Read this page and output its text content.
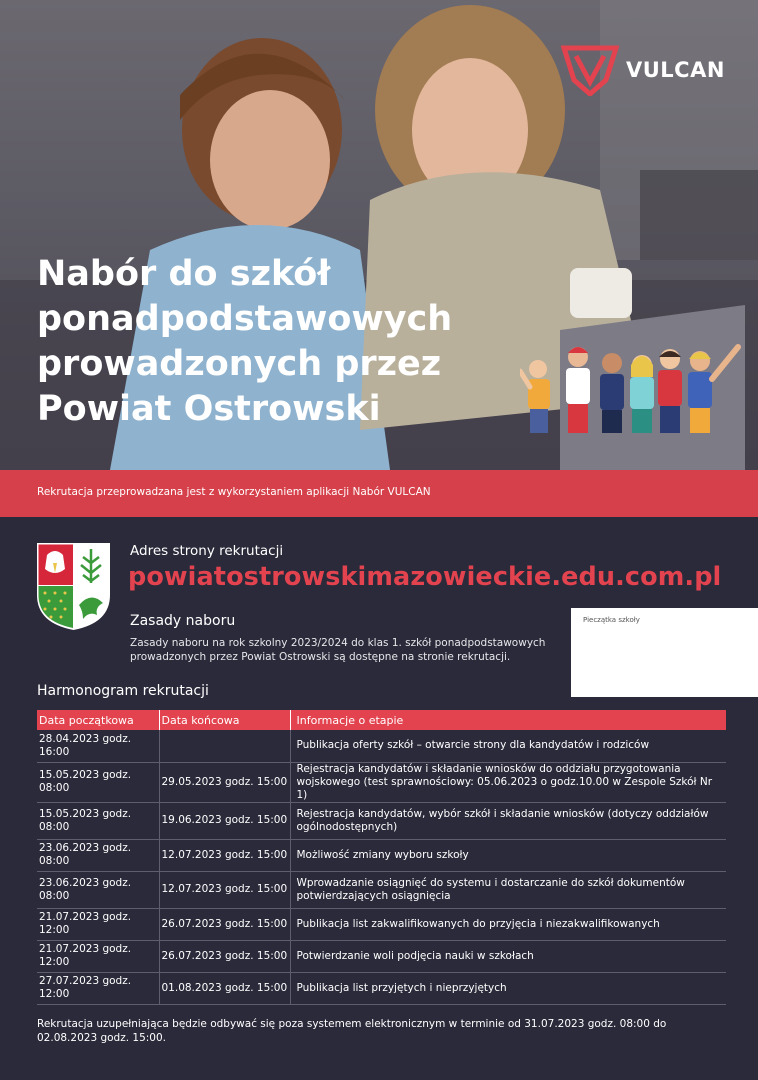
VULCAN
Nabór do szkół
ponadpodstawowych
prowadzonych przez
Powiat Ostrowski
Rekrutacja przeprowadzana jest z wykorzystaniem aplikacji Nabór VULCAN
Adres strony rekrutacji
powiatostrowskimazowieckie.edu.com.pl
Zasady naboru
Zasady naboru na rok szkolny 2023/2024 do klas 1. szkół ponadpodstawowych prowadzonych przez Powiat Ostrowski są dostępne na stronie rekrutacji.
Pieczątka szkoły
Harmonogram rekrutacji
Data początkowa	Data końcowa	Informacje o etapie
28.04.2023 godz. 16:00		Publikacja oferty szkół – otwarcie strony dla kandydatów i rodziców
15.05.2023 godz. 08:00	29.05.2023 godz. 15:00	Rejestracja kandydatów i składanie wniosków do oddziału przygotowania wojskowego (test sprawnościowy: 05.06.2023 o godz.10.00 w Zespole Szkół Nr 1)
15.05.2023 godz. 08:00	19.06.2023 godz. 15:00	Rejestracja kandydatów, wybór szkół i składanie wniosków (dotyczy oddziałów ogólnodostępnych)
23.06.2023 godz. 08:00	12.07.2023 godz. 15:00	Możliwość zmiany wyboru szkoły
23.06.2023 godz. 08:00	12.07.2023 godz. 15:00	Wprowadzanie osiągnięć do systemu i dostarczanie do szkół dokumentów potwierdzających osiągnięcia
21.07.2023 godz. 12:00	26.07.2023 godz. 15:00	Publikacja list zakwalifikowanych do przyjęcia i niezakwalifikowanych
21.07.2023 godz. 12:00	26.07.2023 godz. 15:00	Potwierdzanie woli podjęcia nauki w szkołach
27.07.2023 godz. 12:00	01.08.2023 godz. 15:00	Publikacja list przyjętych i nieprzyjętych
Rekrutacja uzupełniająca będzie odbywać się poza systemem elektronicznym w terminie od 31.07.2023 godz. 08:00 do 02.08.2023 godz. 15:00.
